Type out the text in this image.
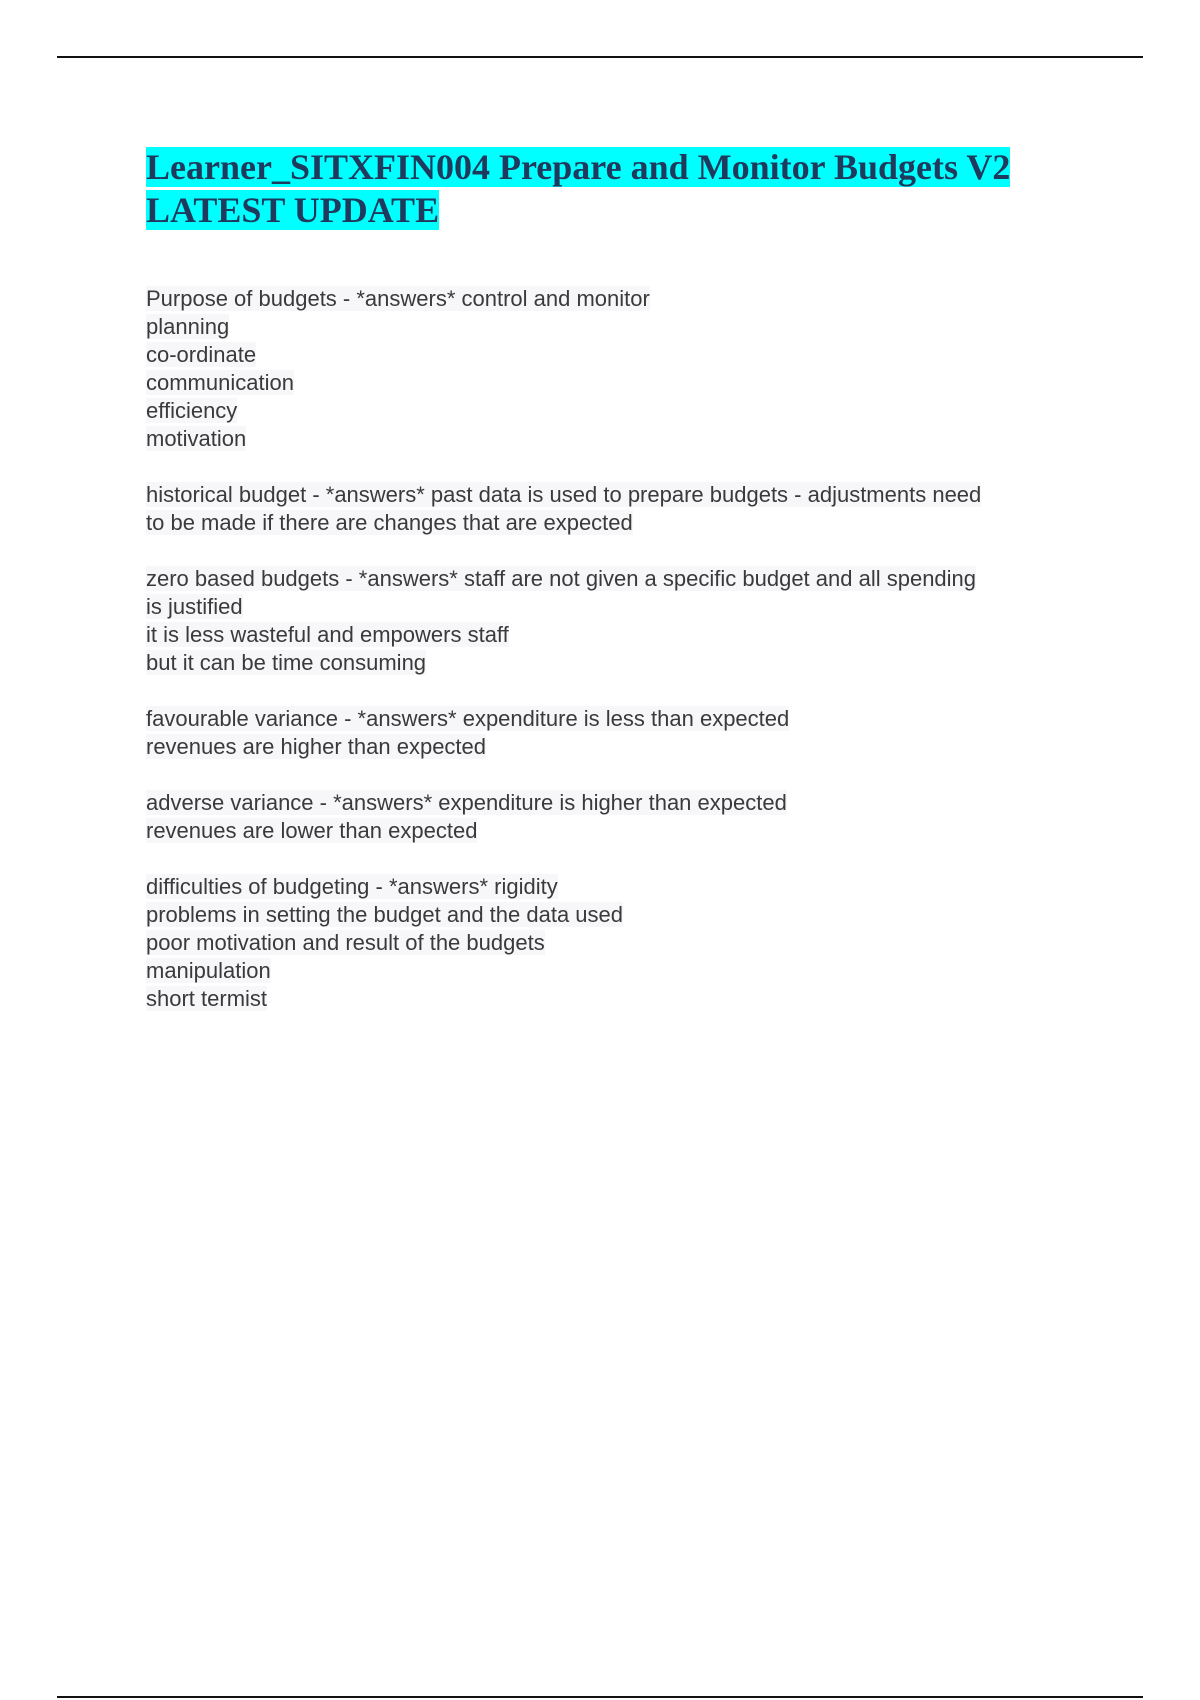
Learner_SITXFIN004 Prepare and Monitor Budgets V2
LATEST UPDATE

Purpose of budgets - *answers* control and monitor
planning
co-ordinate
communication
efficiency
motivation

historical budget - *answers* past data is used to prepare budgets - adjustments need
to be made if there are changes that are expected

zero based budgets - *answers* staff are not given a specific budget and all spending
is justified
it is less wasteful and empowers staff
but it can be time consuming

favourable variance - *answers* expenditure is less than expected
revenues are higher than expected

adverse variance - *answers* expenditure is higher than expected
revenues are lower than expected

difficulties of budgeting - *answers* rigidity
problems in setting the budget and the data used
poor motivation and result of the budgets
manipulation
short termist
